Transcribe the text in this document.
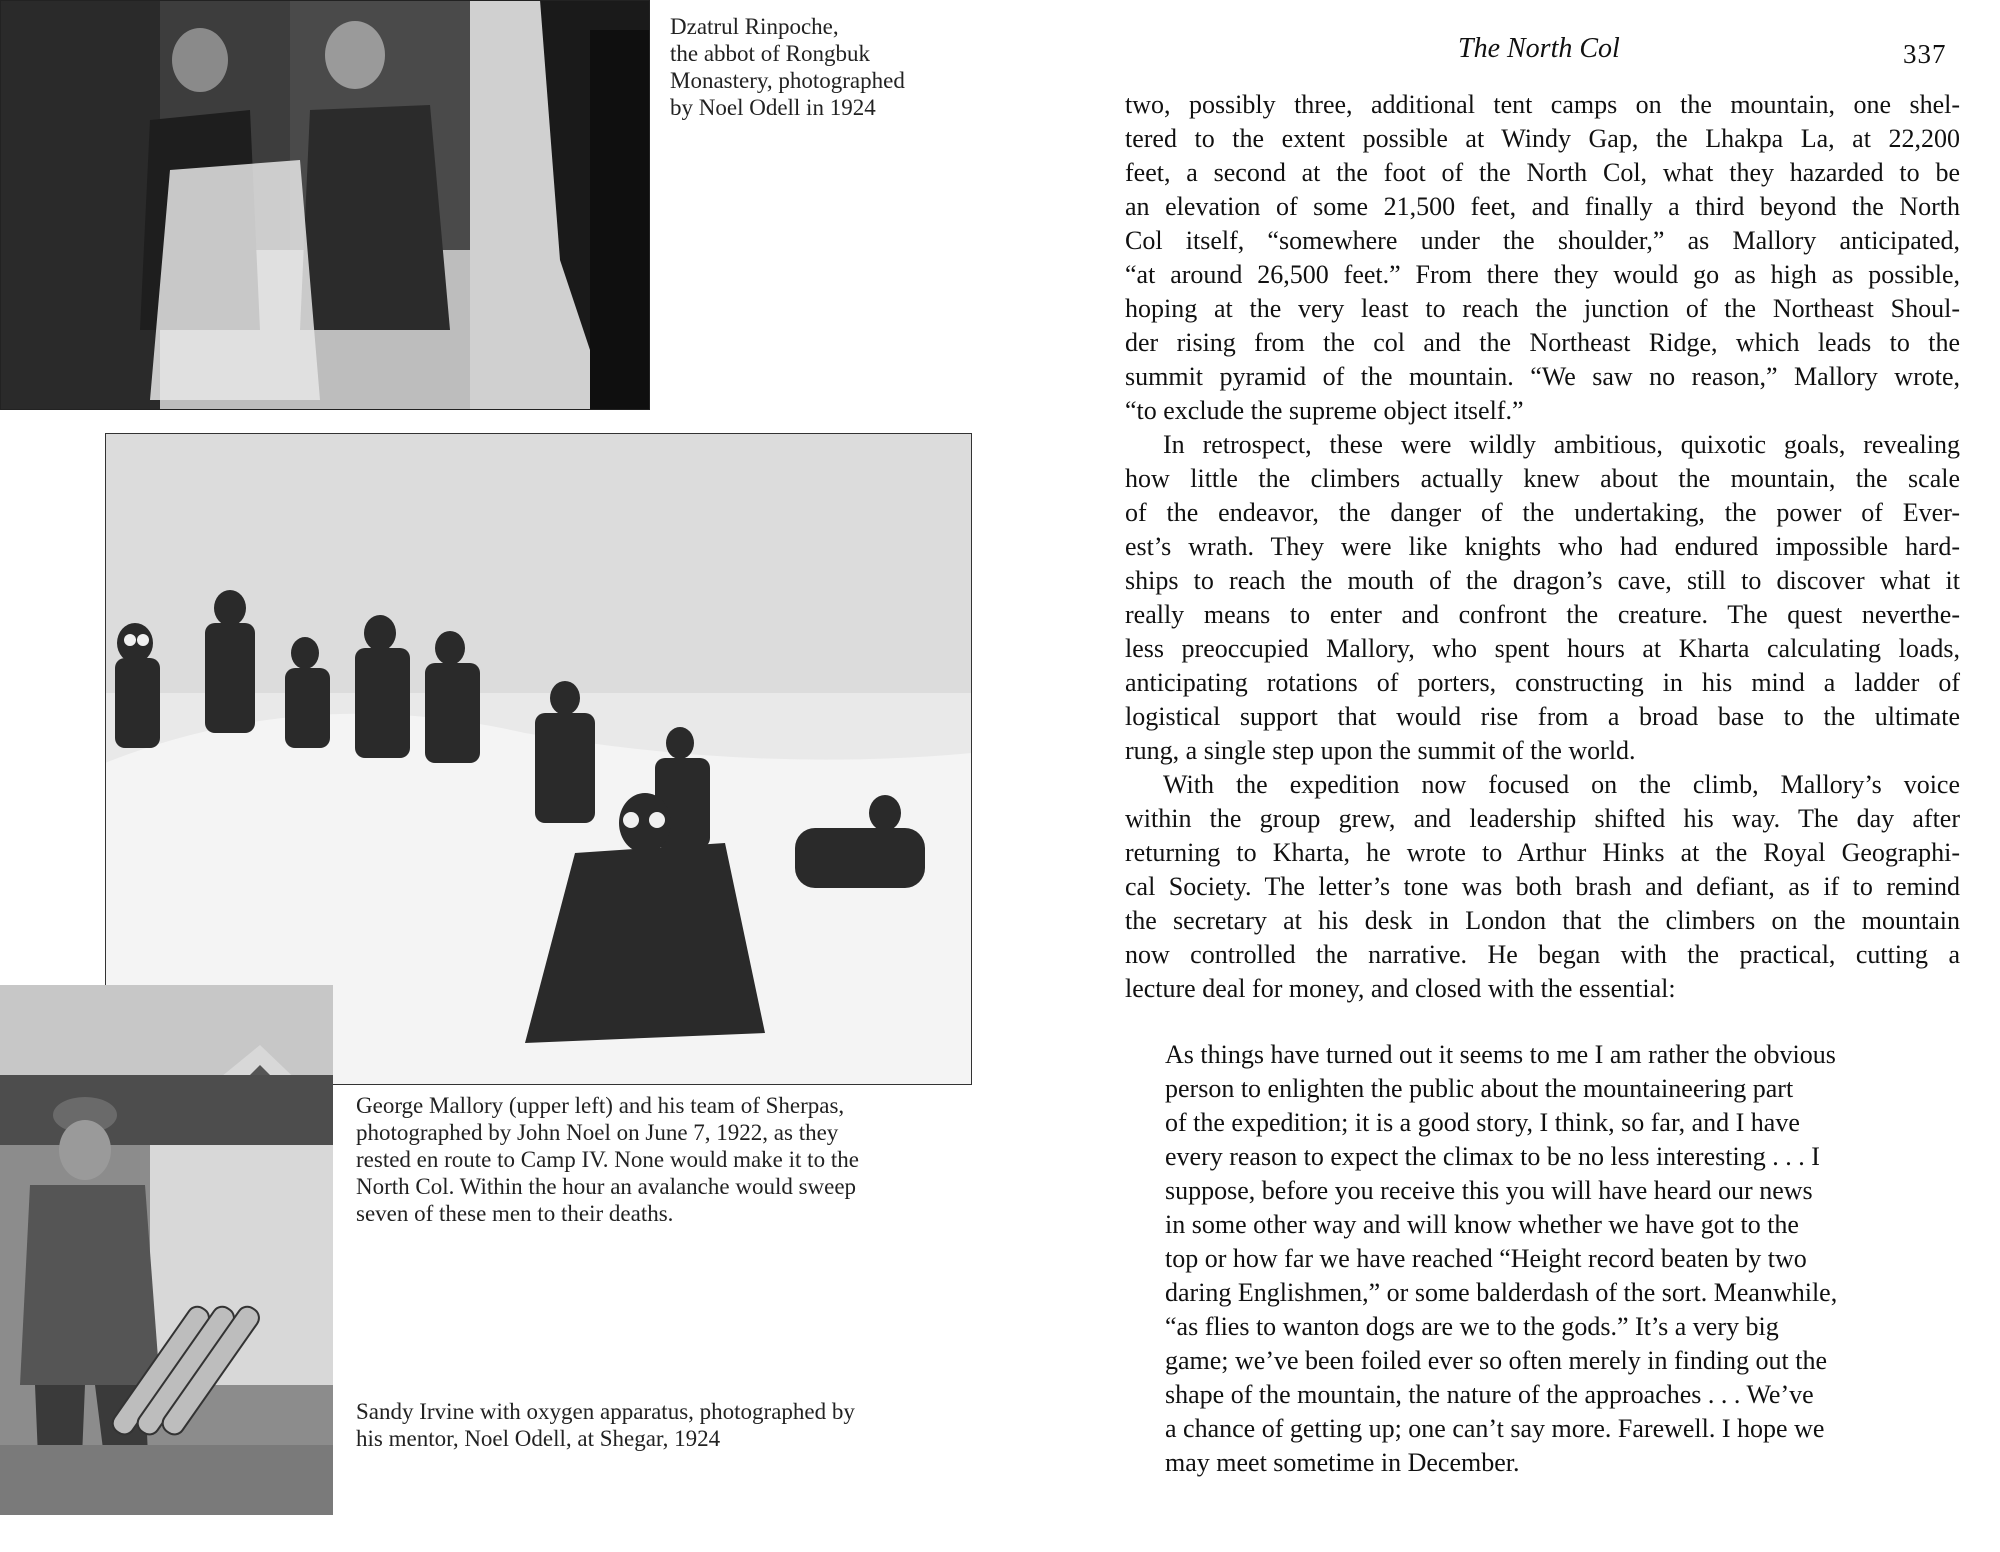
Dzatrul Rinpoche,
the abbot of Rongbuk
Monastery, photographed
by Noel Odell in 1924

George Mallory (upper left) and his team of Sherpas,
photographed by John Noel on June 7, 1922, as they
rested en route to Camp IV. None would make it to the
North Col. Within the hour an avalanche would sweep
seven of these men to their deaths.

Sandy Irvine with oxygen apparatus, photographed by
his mentor, Noel Odell, at Shegar, 1924

The North Col	337

two, possibly three, additional tent camps on the mountain, one shel-
tered to the extent possible at Windy Gap, the Lhakpa La, at 22,200
feet, a second at the foot of the North Col, what they hazarded to be
an elevation of some 21,500 feet, and finally a third beyond the North
Col itself, “somewhere under the shoulder,” as Mallory anticipated,
“at around 26,500 feet.” From there they would go as high as possible,
hoping at the very least to reach the junction of the Northeast Shoul-
der rising from the col and the Northeast Ridge, which leads to the
summit pyramid of the mountain. “We saw no reason,” Mallory wrote,
“to exclude the supreme object itself.”
In retrospect, these were wildly ambitious, quixotic goals, revealing
how little the climbers actually knew about the mountain, the scale
of the endeavor, the danger of the undertaking, the power of Ever-
est’s wrath. They were like knights who had endured impossible hard-
ships to reach the mouth of the dragon’s cave, still to discover what it
really means to enter and confront the creature. The quest neverthe-
less preoccupied Mallory, who spent hours at Kharta calculating loads,
anticipating rotations of porters, constructing in his mind a ladder of
logistical support that would rise from a broad base to the ultimate
rung, a single step upon the summit of the world.
With the expedition now focused on the climb, Mallory’s voice
within the group grew, and leadership shifted his way. The day after
returning to Kharta, he wrote to Arthur Hinks at the Royal Geographi-
cal Society. The letter’s tone was both brash and defiant, as if to remind
the secretary at his desk in London that the climbers on the mountain
now controlled the narrative. He began with the practical, cutting a
lecture deal for money, and closed with the essential:

As things have turned out it seems to me I am rather the obvious
person to enlighten the public about the mountaineering part
of the expedition; it is a good story, I think, so far, and I have
every reason to expect the climax to be no less interesting . . . I
suppose, before you receive this you will have heard our news
in some other way and will know whether we have got to the
top or how far we have reached “Height record beaten by two
daring Englishmen,” or some balderdash of the sort. Meanwhile,
“as flies to wanton dogs are we to the gods.” It’s a very big
game; we’ve been foiled ever so often merely in finding out the
shape of the mountain, the nature of the approaches . . . We’ve
a chance of getting up; one can’t say more. Farewell. I hope we
may meet sometime in December.
